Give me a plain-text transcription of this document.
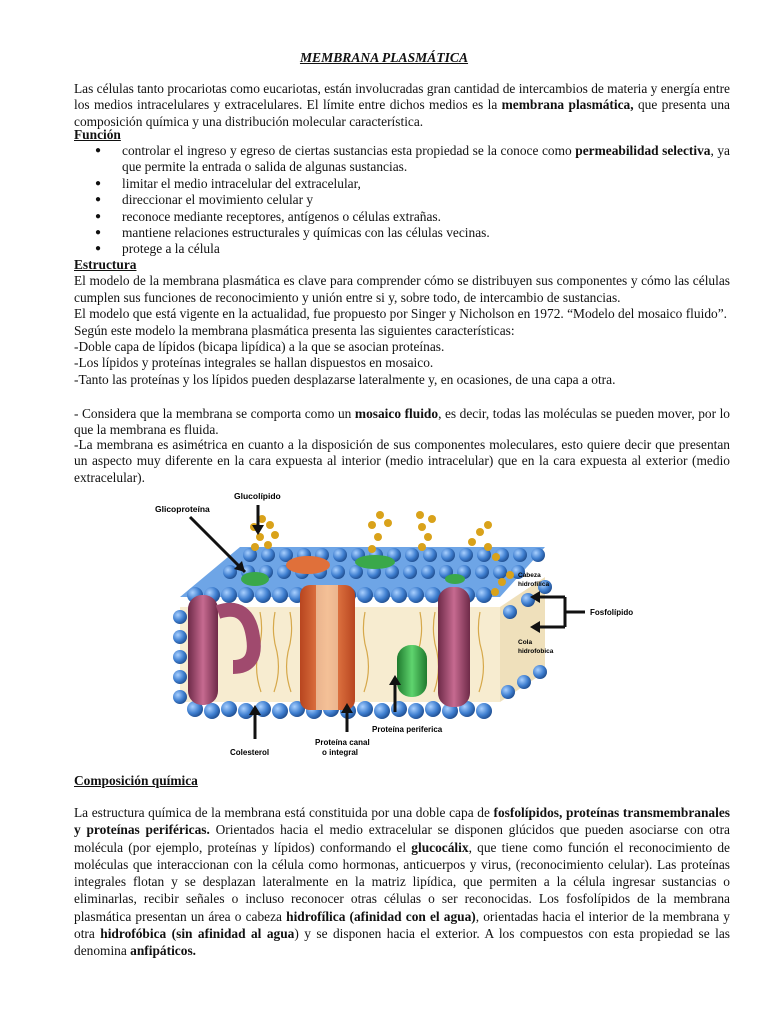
MEMBRANA PLASMÁTICA
Las células tanto procariotas como eucariotas, están involucradas gran cantidad de intercambios de materia y energía entre los medios intracelulares y extracelulares. El límite entre dichos medios es la membrana plasmática, que presenta una composición química y una distribución molecular característica.
Función
●	controlar el ingreso y egreso de ciertas sustancias esta propiedad se la conoce como permeabilidad selectiva, ya que permite la entrada o salida de algunas sustancias.
●	limitar el medio intracelular del extracelular,
●	direccionar el movimiento celular y
●	reconoce mediante receptores, antígenos o células extrañas.
●	mantiene relaciones estructurales y químicas con las células vecinas.
●	protege a la célula
Estructura
El modelo de la membrana plasmática es clave para comprender cómo se distribuyen sus componentes y cómo las células cumplen sus funciones de reconocimiento y unión entre si y, sobre todo, de intercambio de sustancias.
El modelo que está vigente en la actualidad, fue propuesto por Singer y Nicholson en 1972. “Modelo del mosaico fluido”.
Según este modelo la membrana plasmática presenta las siguientes características:
-Doble capa de lípidos (bicapa lipídica) a la que se asocian proteínas.
-Los lípidos y proteínas integrales se hallan dispuestos en mosaico.
-Tanto las proteínas y los lípidos pueden desplazarse lateralmente y, en ocasiones, de una capa a otra.
- Considera que la membrana se comporta como un mosaico fluido, es decir, todas las moléculas se pueden mover, por lo que la membrana es fluida.
-La membrana es asimétrica en cuanto a la disposición de sus componentes moleculares, esto quiere decir que presentan un aspecto muy diferente en la cara expuesta al interior (medio intracelular) que en la cara expuesta al exterior (medio extracelular).
Glucolípido
Glicoproteína
Cabeza
hidrofílica
Fosfolípido
Cola
hidrofobica
Proteína periferica
Proteína canal
o integral
Colesterol
Composición química
La estructura química de la membrana está constituida por una doble capa de fosfolípidos, proteínas transmembranales y proteínas periféricas. Orientados hacia el medio extracelular se disponen glúcidos que pueden asociarse con otra molécula (por ejemplo, proteínas y lípidos) conformando el glucocálix, que tiene como función el reconocimiento de moléculas que interaccionan con la célula como hormonas, anticuerpos y virus, (reconocimiento celular). Las proteínas integrales flotan y se desplazan lateralmente en la matriz lipídica, que permiten a la célula ingresar sustancias o eliminarlas, recibir señales o incluso reconocer otras células o ser reconocidas. Los fosfolípidos de la membrana plasmática presentan un área o cabeza hidrofílica (afinidad con el agua), orientadas hacia el interior de la membrana y otra hidrofóbica (sin afinidad al agua) y se disponen hacia el exterior. A los compuestos con esta propiedad se las denomina anfipáticos.
